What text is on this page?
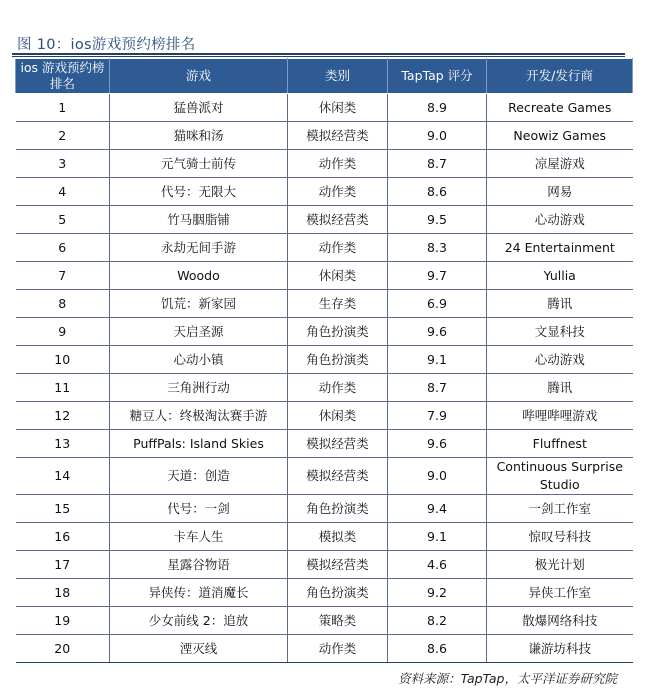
图 10：ios游戏预约榜排名
ios 游戏预约榜排名	游戏	类别	TapTap 评分	开发/发行商
1	猛兽派对	休闲类	8.9	Recreate Games
2	猫咪和汤	模拟经营类	9.0	Neowiz Games
3	元气骑士前传	动作类	8.7	凉屋游戏
4	代号：无限大	动作类	8.6	网易
5	竹马胭脂铺	模拟经营类	9.5	心动游戏
6	永劫无间手游	动作类	8.3	24 Entertainment
7	Woodo	休闲类	9.7	Yullia
8	饥荒：新家园	生存类	6.9	腾讯
9	天启圣源	角色扮演类	9.6	文显科技
10	心动小镇	角色扮演类	9.1	心动游戏
11	三角洲行动	动作类	8.7	腾讯
12	糖豆人：终极淘汰赛手游	休闲类	7.9	哔哩哔哩游戏
13	PuffPals: Island Skies	模拟经营类	9.6	Fluffnest
14	天道：创造	模拟经营类	9.0	Continuous Surprise Studio
15	代号：一剑	角色扮演类	9.4	一剑工作室
16	卡车人生	模拟类	9.1	惊叹号科技
17	星露谷物语	模拟经营类	4.6	极光计划
18	异侠传：道消魔长	角色扮演类	9.2	异侠工作室
19	少女前线 2：追放	策略类	8.2	散爆网络科技
20	湮灭线	动作类	8.6	谦游坊科技
资料来源：TapTap，太平洋证券研究院
